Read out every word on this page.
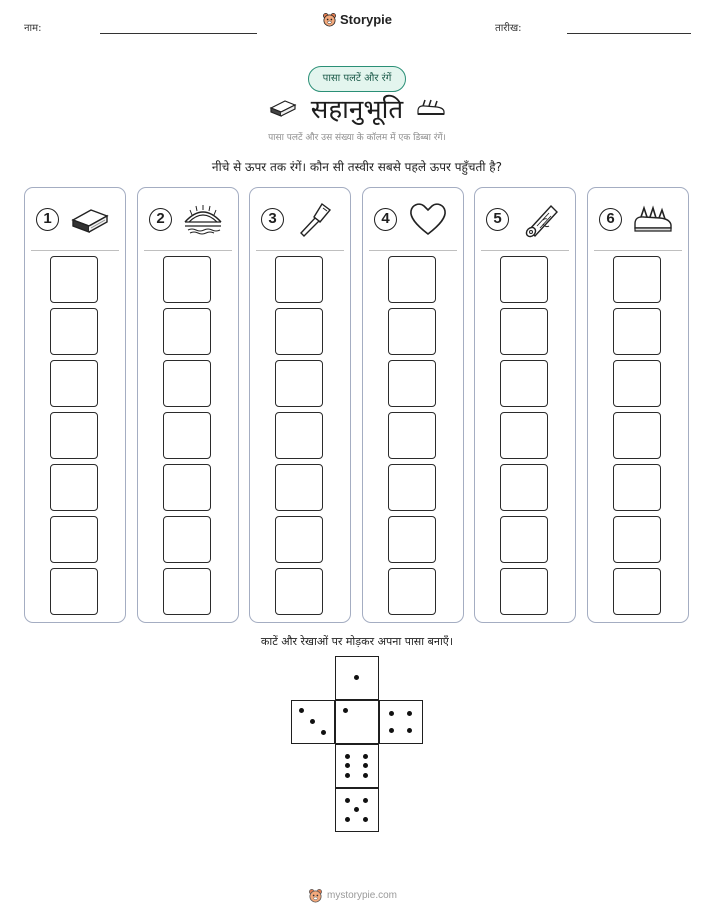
नाम:
Storypie
तारीख:
पासा पलटें और रंगें
सहानुभूति
पासा पलटें और उस संख्या के कॉलम में एक डिब्बा रंगें।
नीचे से ऊपर तक रंगें। कौन सी तस्वीर सबसे पहले ऊपर पहुँचती है?
1	2	3	4	5	6
काटें और रेखाओं पर मोड़कर अपना पासा बनाएँ।
mystorypie.com
